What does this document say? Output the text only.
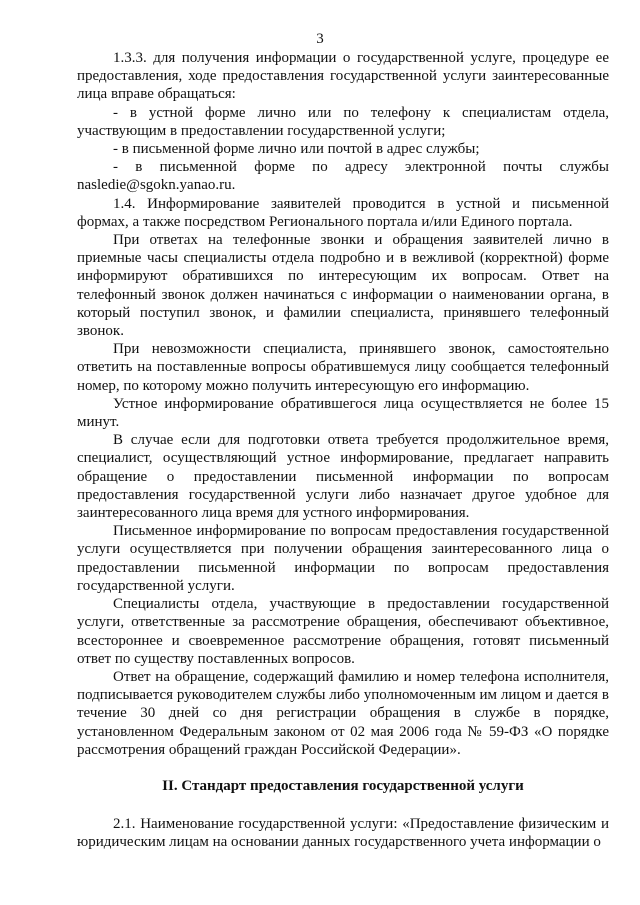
3

1.3.3. для получения информации о государственной услуге, процедуре ее предоставления, ходе предоставления государственной услуги заинтересованные лица вправе обращаться:

- в устной форме лично или по телефону к специалистам отдела, участвующим в предоставлении государственной услуги;

- в письменной форме лично или почтой в адрес службы;

- в письменной форме по адресу электронной почты службы nasledie@sgokn.yanao.ru.

1.4. Информирование заявителей проводится в устной и письменной формах, а также посредством Регионального портала и/или Единого портала.

При ответах на телефонные звонки и обращения заявителей лично в приемные часы специалисты отдела подробно и в вежливой (корректной) форме информируют обратившихся по интересующим их вопросам. Ответ на телефонный звонок должен начинаться с информации о наименовании органа, в который поступил звонок, и фамилии специалиста, принявшего телефонный звонок.

При невозможности специалиста, принявшего звонок, самостоятельно ответить на поставленные вопросы обратившемуся лицу сообщается телефонный номер, по которому можно получить интересующую его информацию.

Устное информирование обратившегося лица осуществляется не более 15 минут.

В случае если для подготовки ответа требуется продолжительное время, специалист, осуществляющий устное информирование, предлагает направить обращение о предоставлении письменной информации по вопросам предоставления государственной услуги либо назначает другое удобное для заинтересованного лица время для устного информирования.

Письменное информирование по вопросам предоставления государственной услуги осуществляется при получении обращения заинтересованного лица о предоставлении письменной информации по вопросам предоставления государственной услуги.

Специалисты отдела, участвующие в предоставлении государственной услуги, ответственные за рассмотрение обращения, обеспечивают объективное, всестороннее и своевременное рассмотрение обращения, готовят письменный ответ по существу поставленных вопросов.

Ответ на обращение, содержащий фамилию и номер телефона исполнителя, подписывается руководителем службы либо уполномоченным им лицом и дается в течение 30 дней со дня регистрации обращения в службе в порядке, установленном Федеральным законом от 02 мая 2006 года № 59-ФЗ «О порядке рассмотрения обращений граждан Российской Федерации».

II. Стандарт предоставления государственной услуги

2.1. Наименование государственной услуги: «Предоставление физическим и юридическим лицам на основании данных государственного учета информации о
